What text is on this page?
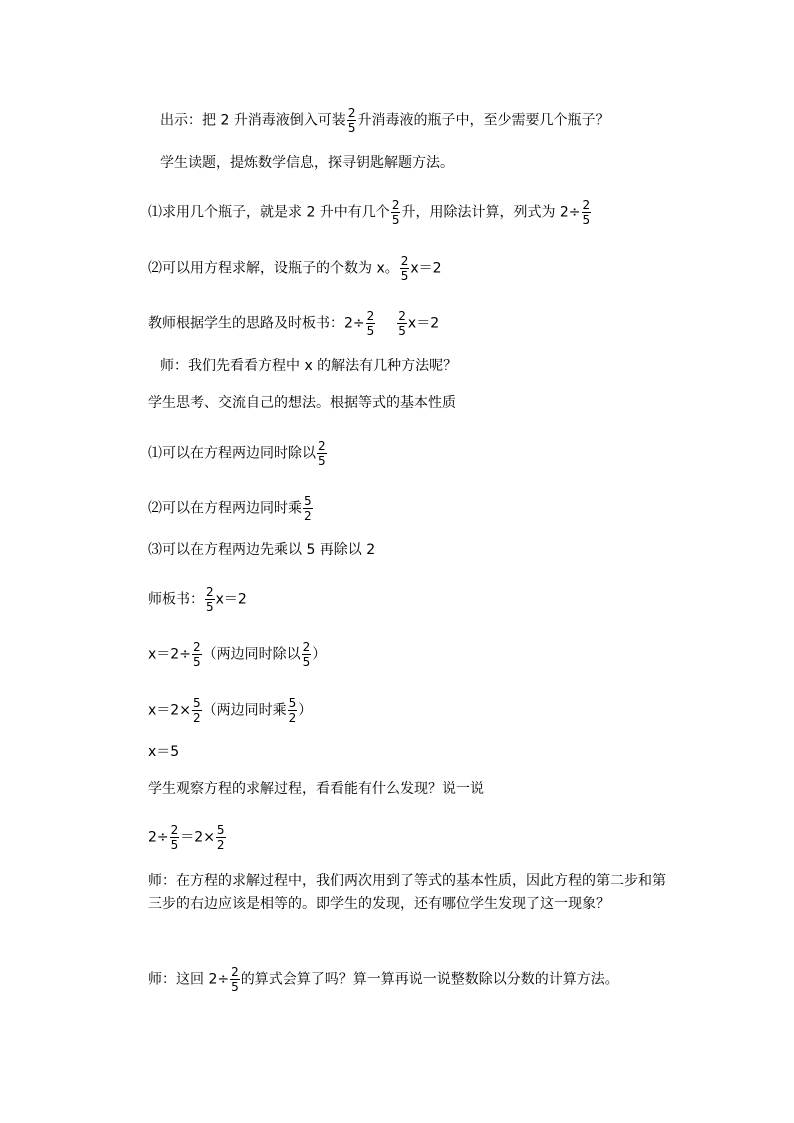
出示：把 2 升消毒液倒入可装 $\frac{2}{5}$ 升消毒液的瓶子中，至少需要几个瓶子？
学生读题，提炼数学信息，探寻钥匙解题方法。
⑴求用几个瓶子，就是求 2 升中有几个 $\frac{2}{5}$ 升，用除法计算，列式为 $2\div \frac{2}{5}$
⑵可以用方程求解，设瓶子的个数为 x。 $\frac{2}{5} x=2$
教师根据学生的思路及时板书：$2\div \frac{2}{5} \frac{2}{5} x=2$
师：我们先看看方程中 x 的解法有几种方法呢？
学生思考、交流自己的想法。根据等式的基本性质
⑴可以在方程两边同时除以 $\frac{2}{5}$
⑵可以在方程两边同时乘 $\frac{5}{2}$
⑶可以在方程两边先乘以 5 再除以 2
师板书： $\frac{2}{5} x=2$
$x=2\div \frac{2}{5}$ （两边同时除以 $\frac{2}{5}$ ）
$x=2\times \frac{5}{2}$ （两边同时乘 $\frac{5}{2}$ ）
x＝5
学生观察方程的求解过程，看看能有什么发现？说一说
$2\div \frac{2}{5} =2\times \frac{5}{2}$
师：在方程的求解过程中，我们两次用到了等式的基本性质，因此方程的第二步和第三步的右边应该是相等的。即学生的发现，还有哪位学生发现了这一现象？
师：这回 $2\div \frac{2}{5}$ 的算式会算了吗？算一算再说一说整数除以分数的计算方法。
